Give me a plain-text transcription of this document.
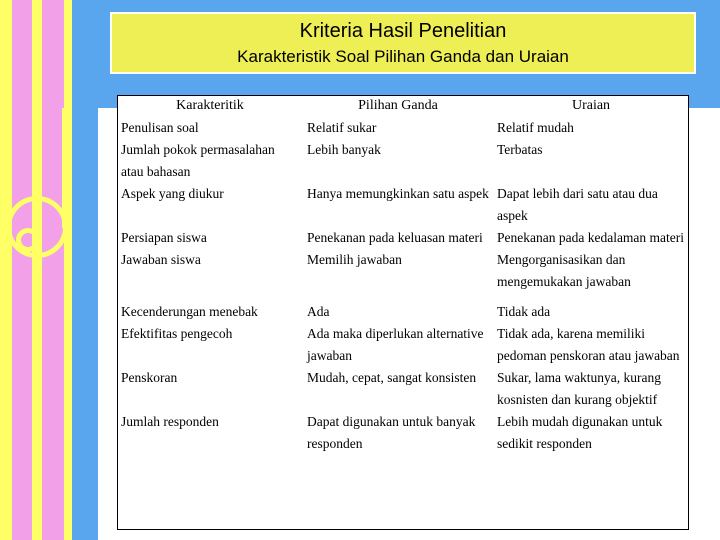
Kriteria Hasil Penelitian
Karakteristik Soal Pilihan Ganda dan Uraian
Karakteritik	Pilihan Ganda	Uraian
Penulisan soal	Relatif sukar	Relatif mudah
Jumlah pokok permasalahan atau bahasan	Lebih banyak	Terbatas
Aspek yang diukur	Hanya memungkinkan satu aspek	Dapat lebih dari satu atau dua aspek
Persiapan siswa	Penekanan pada keluasan materi	Penekanan pada kedalaman materi
Jawaban siswa	Memilih jawaban	Mengorganisasikan dan mengemukakan jawaban
Kecenderungan menebak	Ada	Tidak ada
Efektifitas pengecoh	Ada maka diperlukan alternative jawaban	Tidak ada, karena memiliki pedoman penskoran atau jawaban
Penskoran	Mudah, cepat, sangat konsisten	Sukar, lama waktunya, kurang kosnisten dan kurang objektif
Jumlah responden	Dapat digunakan untuk banyak responden	Lebih mudah digunakan untuk sedikit responden
